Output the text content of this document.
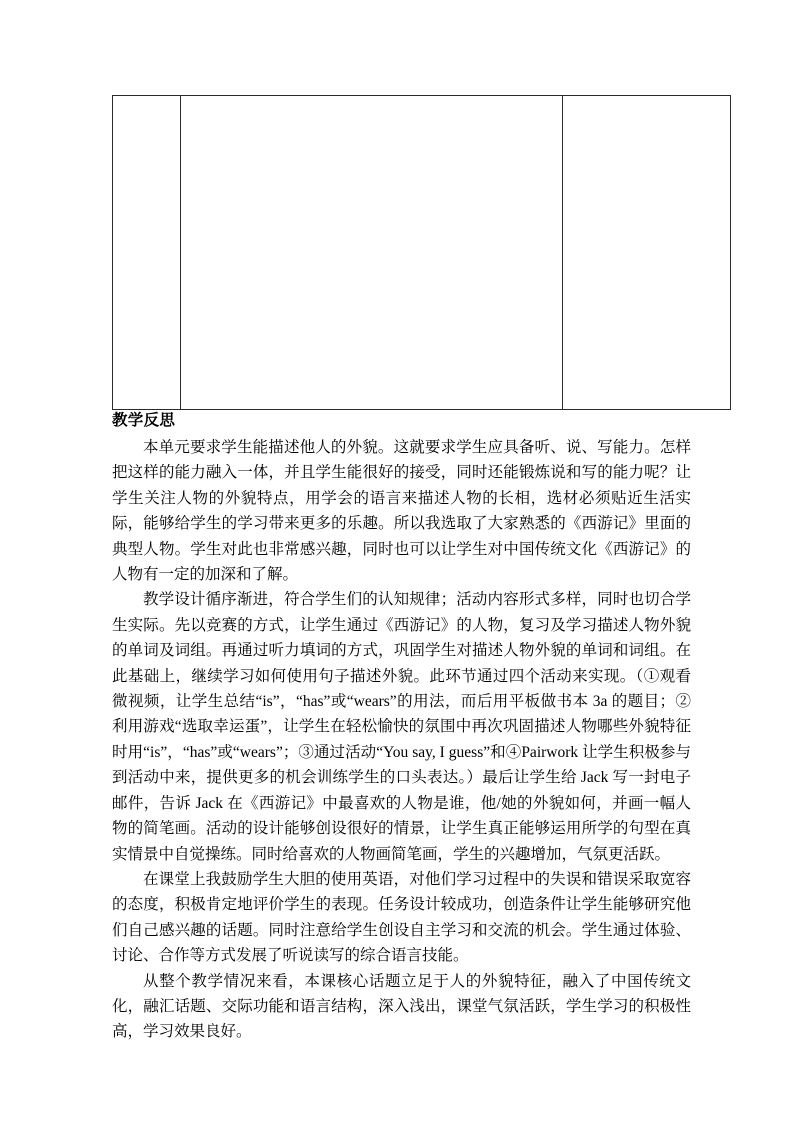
教学反思

本单元要求学生能描述他人的外貌。这就要求学生应具备听、说、写能力。怎样把这样的能力融入一体，并且学生能很好的接受，同时还能锻炼说和写的能力呢？让学生关注人物的外貌特点，用学会的语言来描述人物的长相，选材必须贴近生活实际，能够给学生的学习带来更多的乐趣。所以我选取了大家熟悉的《西游记》里面的典型人物。学生对此也非常感兴趣，同时也可以让学生对中国传统文化《西游记》的人物有一定的加深和了解。

教学设计循序渐进，符合学生们的认知规律；活动内容形式多样，同时也切合学生实际。先以竞赛的方式，让学生通过《西游记》的人物，复习及学习描述人物外貌的单词及词组。再通过听力填词的方式，巩固学生对描述人物外貌的单词和词组。在此基础上，继续学习如何使用句子描述外貌。此环节通过四个活动来实现。（①观看微视频，让学生总结“is”，“has”或“wears”的用法，而后用平板做书本 3a 的题目；②利用游戏“选取幸运蛋”，让学生在轻松愉快的氛围中再次巩固描述人物哪些外貌特征时用“is”，“has”或“wears”；③通过活动“You say, I guess”和④Pairwork 让学生积极参与到活动中来，提供更多的机会训练学生的口头表达。）最后让学生给 Jack 写一封电子邮件，告诉 Jack 在《西游记》中最喜欢的人物是谁，他/她的外貌如何，并画一幅人物的简笔画。活动的设计能够创设很好的情景，让学生真正能够运用所学的句型在真实情景中自觉操练。同时给喜欢的人物画简笔画，学生的兴趣增加，气氛更活跃。

在课堂上我鼓励学生大胆的使用英语，对他们学习过程中的失误和错误采取宽容的态度，积极肯定地评价学生的表现。任务设计较成功，创造条件让学生能够研究他们自己感兴趣的话题。同时注意给学生创设自主学习和交流的机会。学生通过体验、讨论、合作等方式发展了听说读写的综合语言技能。

从整个教学情况来看，本课核心话题立足于人的外貌特征，融入了中国传统文化，融汇话题、交际功能和语言结构，深入浅出，课堂气氛活跃，学生学习的积极性高，学习效果良好。
